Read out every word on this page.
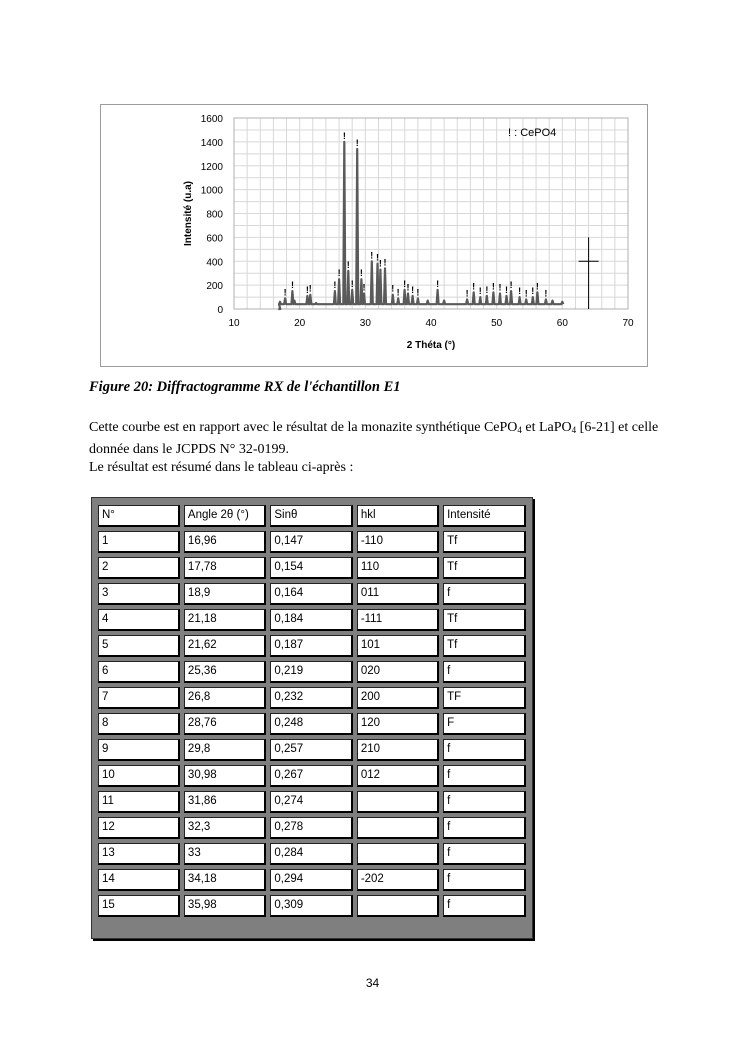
10	20	30	40	50	60	70
0
200
400
600
800
1000
1200
1400
1600
2 Théta (°)
Intensité (u.a)
!
! ! ! !
!
!
!
!
!
!
!
! !
! !
! !
! ! ! !
!
!
! ! ! ! ! ! !
! ! ! !
!
! : CePO4
Figure 20: Diffractogramme RX de l'échantillon E1
Cette courbe est en rapport avec le résultat de la monazite synthétique CePO$_4$ et LaPO$_4$ [6-21] et celle donnée dans le JCPDS N° 32-0199.
Le résultat est résumé dans le tableau ci-après :
N°	Angle 2θ (°)	Sinθ	hkl	Intensité
1	16,96	0,147	-110	Tf
2	17,78	0,154	110	Tf
3	18,9	0,164	011	f
4	21,18	0,184	-111	Tf
5	21,62	0,187	101	Tf
6	25,36	0,219	020	f
7	26,8	0,232	200	TF
8	28,76	0,248	120	F
9	29,8	0,257	210	f
10	30,98	0,267	012	f
11	31,86	0,274		f
12	32,3	0,278		f
13	33	0,284		f
14	34,18	0,294	-202	f
15	35,98	0,309		f
34
